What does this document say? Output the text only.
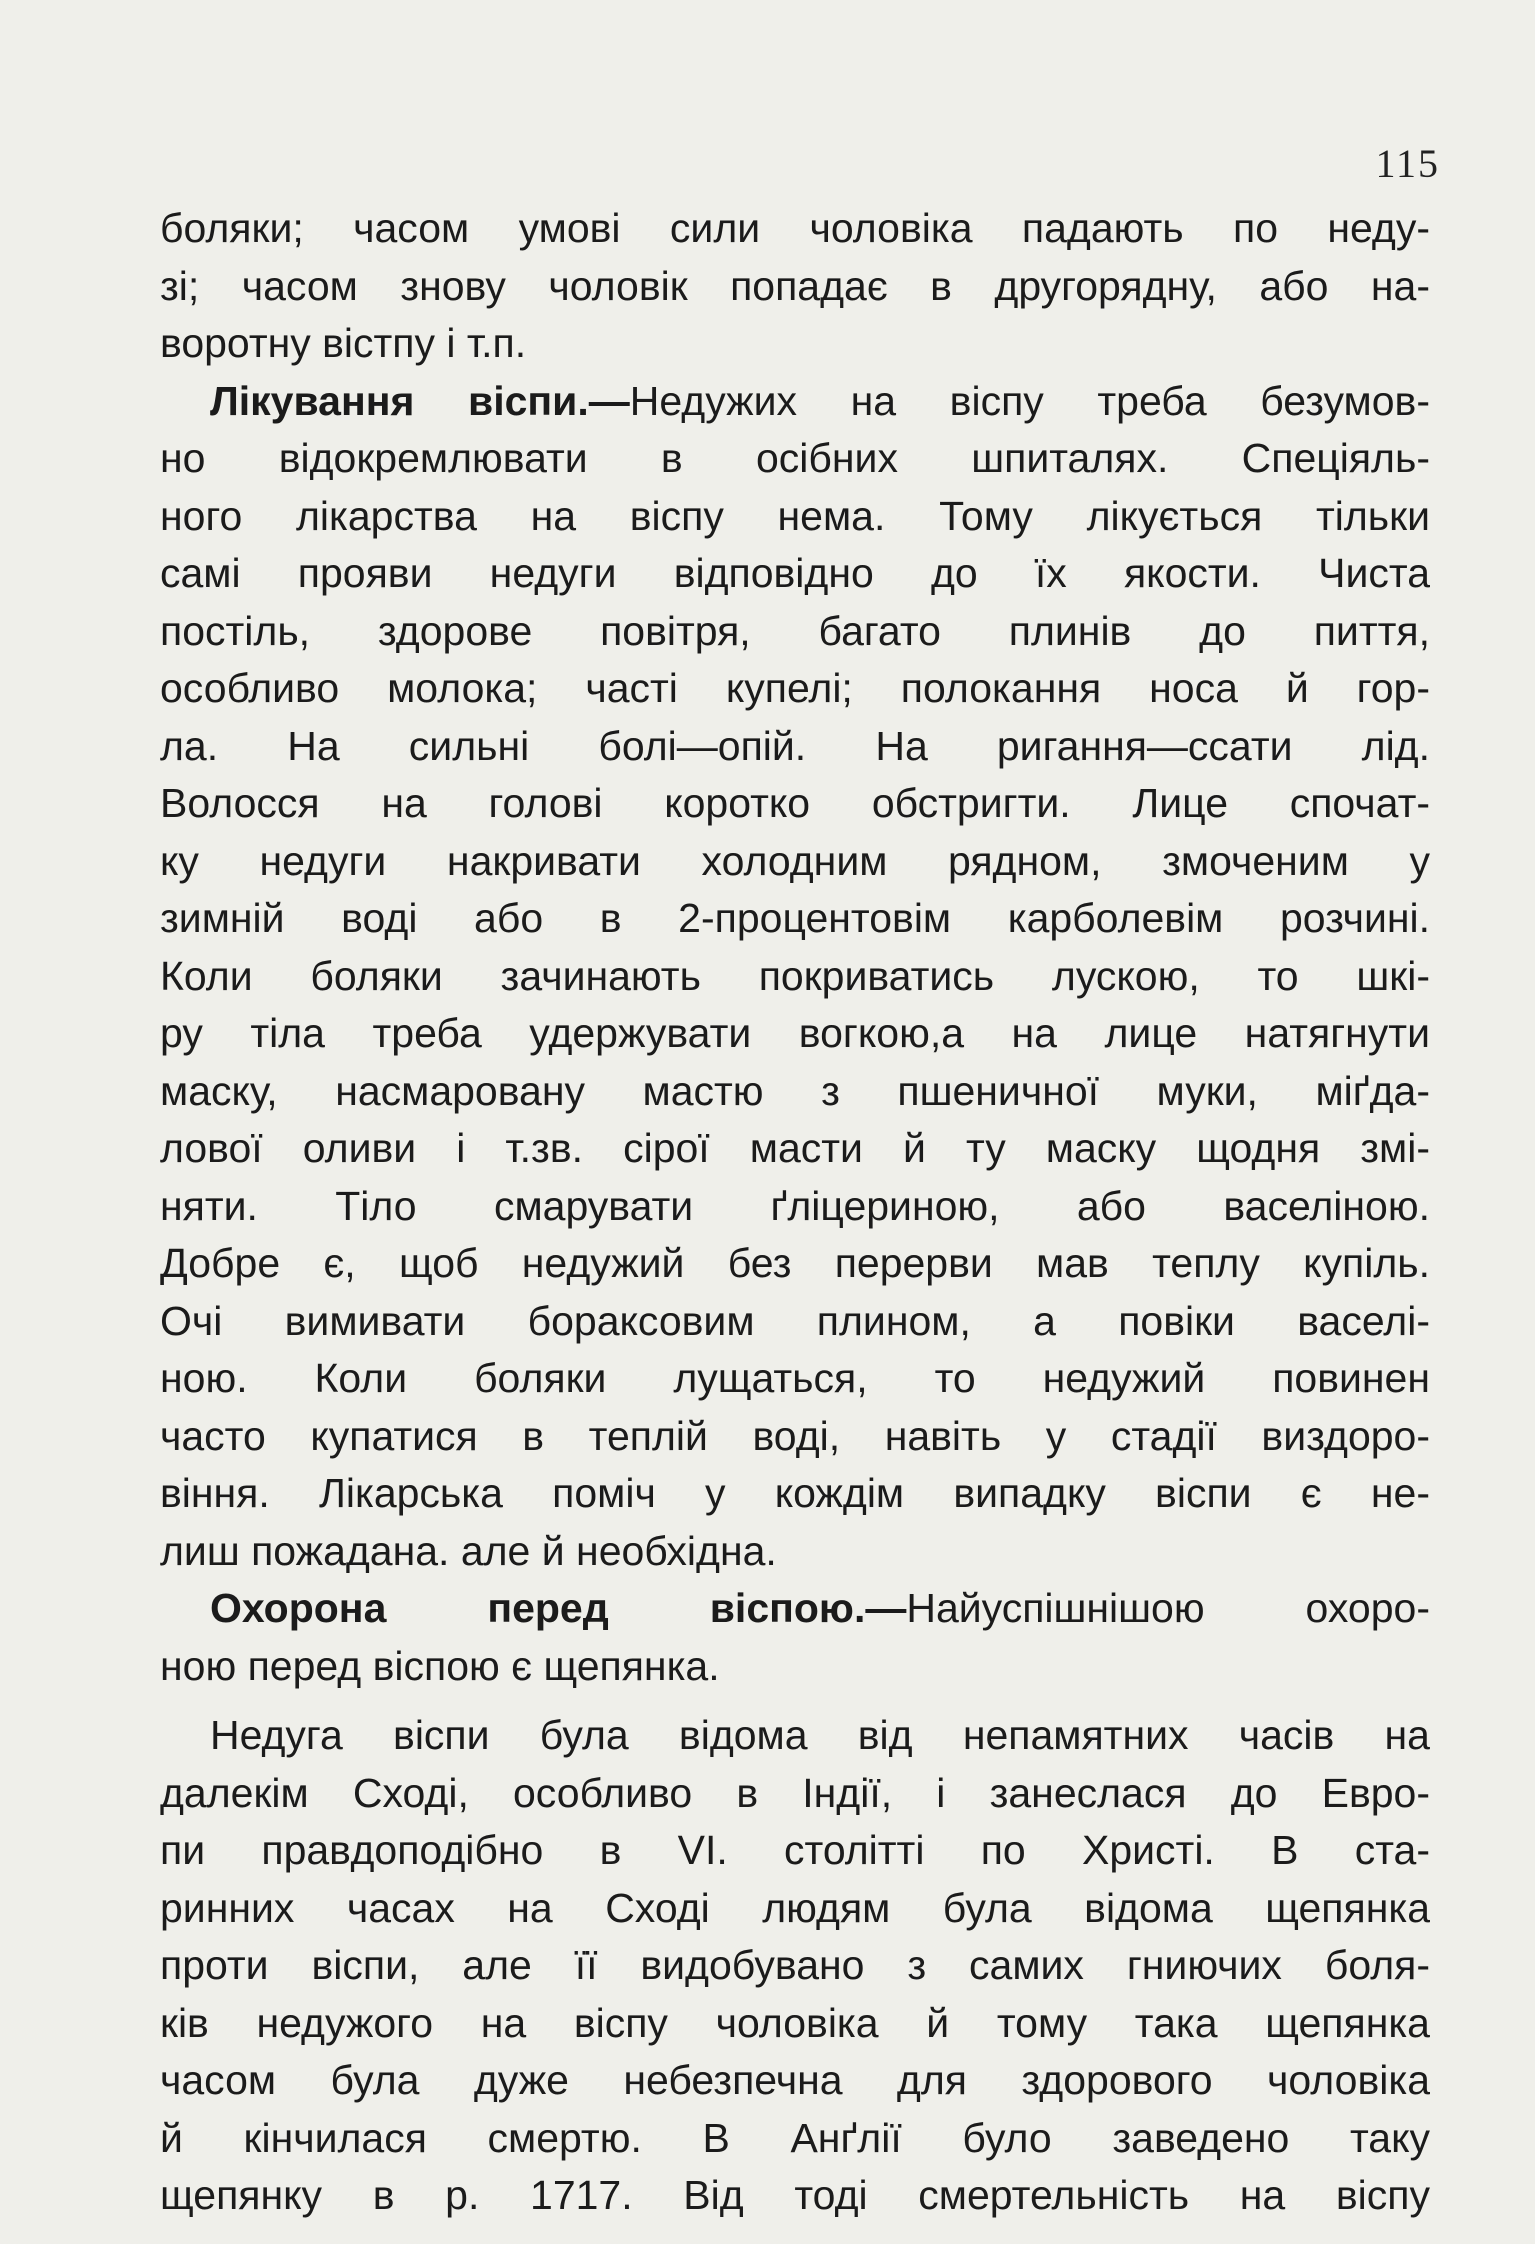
115
боляки; часом умові сили чоловіка падають по неду-
зі; часом знову чоловік попадає в другорядну, або на-
воротну вістпу і т.п.
Лікування віспи.—Недужих на віспу треба безумов-
но відокремлювати в осібних шпиталях. Спеціяль-
ного лікарства на віспу нема. Тому лікується тільки
самі прояви недуги відповідно до їх якости. Чиста
постіль, здорове повітря, багато плинів до пиття,
особливо молока; часті купелі; полокання носа й гор-
ла. На сильні болі—опій. На ригання—ссати лід.
Волосся на голові коротко обстригти. Лице спочат-
ку недуги накривати холодним рядном, змоченим у
зимній воді або в 2-процентовім карболевім розчині.
Коли боляки зачинають покриватись лускою, то шкі-
ру тіла треба удержувати вогкою,а на лице натягнути
маску, насмаровану мастю з пшеничної муки, міґда-
лової оливи і т.зв. сірої масти й ту маску щодня змі-
няти. Тіло смарувати ґліцериною, або васеліною.
Добре є, щоб недужий без перерви мав теплу купіль.
Очі вимивати бораксовим плином, а повіки васелі-
ною. Коли боляки лущаться, то недужий повинен
часто купатися в теплій воді, навіть у стадії виздоро-
віння. Лікарська поміч у кождім випадку віспи є не-
лиш пожадана. але й необхідна.
Охорона перед віспою.—Найуспішнішою охоро-
ною перед віспою є щепянка.
Недуга віспи була відома від непамятних часів на
далекім Сході, особливо в Індії, і занеслася до Евро-
пи правдоподібно в VI. столітті по Христі. В ста-
ринних часах на Сході людям була відома щепянка
проти віспи, але її видобувано з самих гниючих боля-
ків недужого на віспу чоловіка й тому така щепянка
часом була дуже небезпечна для здорового чоловіка
й кінчилася смертю. В Анґлії було заведено таку
щепянку в р. 1717. Від тоді смертельність на віспу
